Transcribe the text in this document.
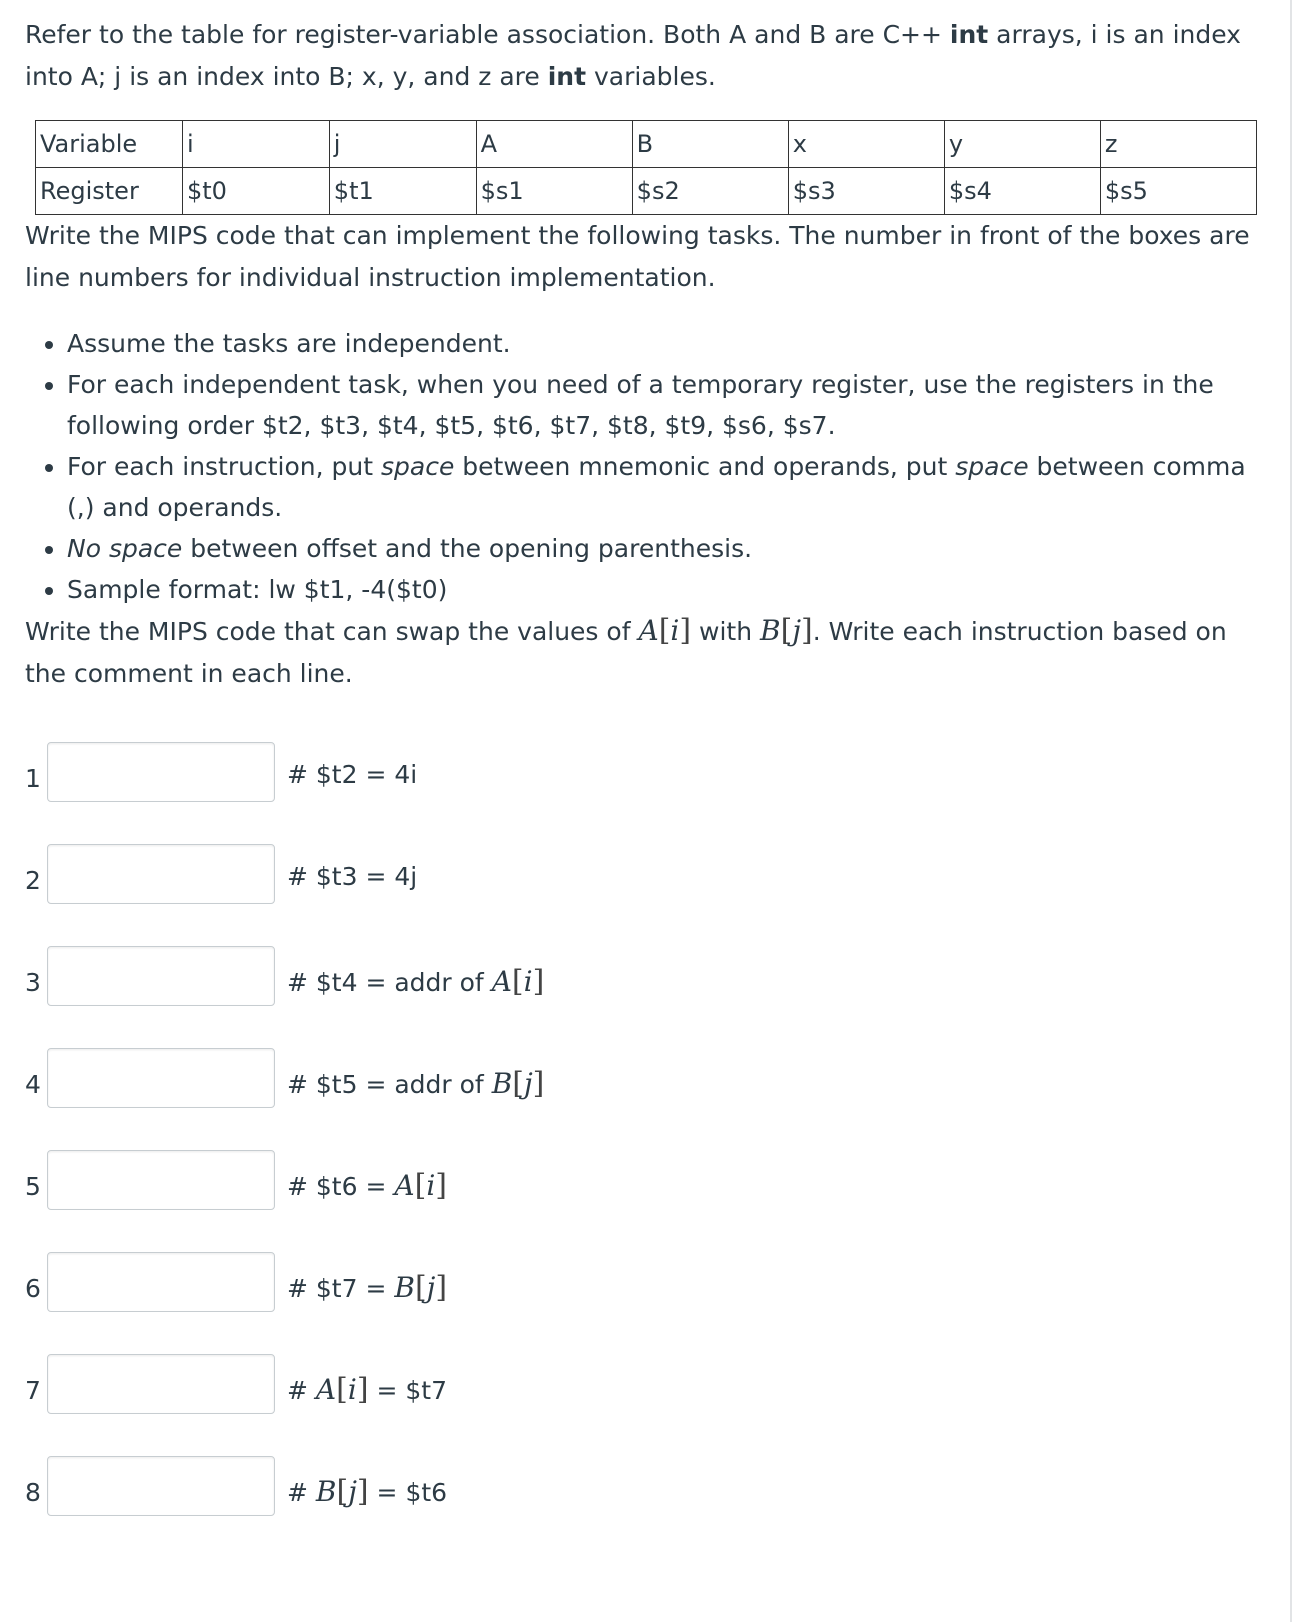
Refer to the table for register-variable association. Both A and B are C++ int arrays, i is an index into A; j is an index into B; x, y, and z are int variables.

Variable	i	j	A	B	x	y	z
Register	$t0	$t1	$s1	$s2	$s3	$s4	$s5

Write the MIPS code that can implement the following tasks. The number in front of the boxes are line numbers for individual instruction implementation.

• Assume the tasks are independent.
• For each independent task, when you need of a temporary register, use the registers in the following order $t2, $t3, $t4, $t5, $t6, $t7, $t8, $t9, $s6, $s7.
• For each instruction, put space between mnemonic and operands, put space between comma (,) and operands.
• No space between offset and the opening parenthesis.
• Sample format: lw $t1, -4($t0)

Write the MIPS code that can swap the values of A[i] with B[j]. Write each instruction based on the comment in each line.

1	# $t2 = 4i
2	# $t3 = 4j
3	# $t4 = addr of A[i]
4	# $t5 = addr of B[j]
5	# $t6 = A[i]
6	# $t7 = B[j]
7	# A[i] = $t7
8	# B[j] = $t6
